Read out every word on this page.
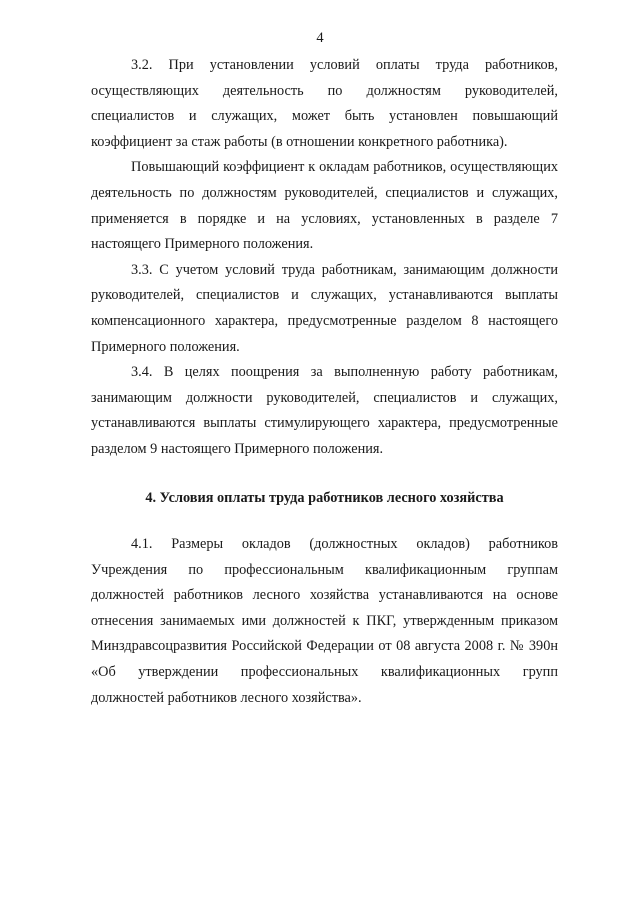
4

3.2. При установлении условий оплаты труда работников, осуществляющих деятельность по должностям руководителей, специалистов и служащих, может быть установлен повышающий коэффициент за стаж работы (в отношении конкретного работника).

Повышающий коэффициент к окладам работников, осуществляющих деятельность по должностям руководителей, специалистов и служащих, применяется в порядке и на условиях, установленных в разделе 7 настоящего Примерного положения.

3.3. С учетом условий труда работникам, занимающим должности руководителей, специалистов и служащих, устанавливаются выплаты компенсационного характера, предусмотренные разделом 8 настоящего Примерного положения.

3.4. В целях поощрения за выполненную работу работникам, занимающим должности руководителей, специалистов и служащих, устанавливаются выплаты стимулирующего характера, предусмотренные разделом 9 настоящего Примерного положения.

4. Условия оплаты труда работников лесного хозяйства

4.1. Размеры окладов (должностных окладов) работников Учреждения по профессиональным квалификационным группам должностей работников лесного хозяйства устанавливаются на основе отнесения занимаемых ими должностей к ПКГ, утвержденным приказом Минздравсоцразвития Российской Федерации от 08 августа 2008 г. № 390н «Об утверждении профессиональных квалификационных групп должностей работников лесного хозяйства».
